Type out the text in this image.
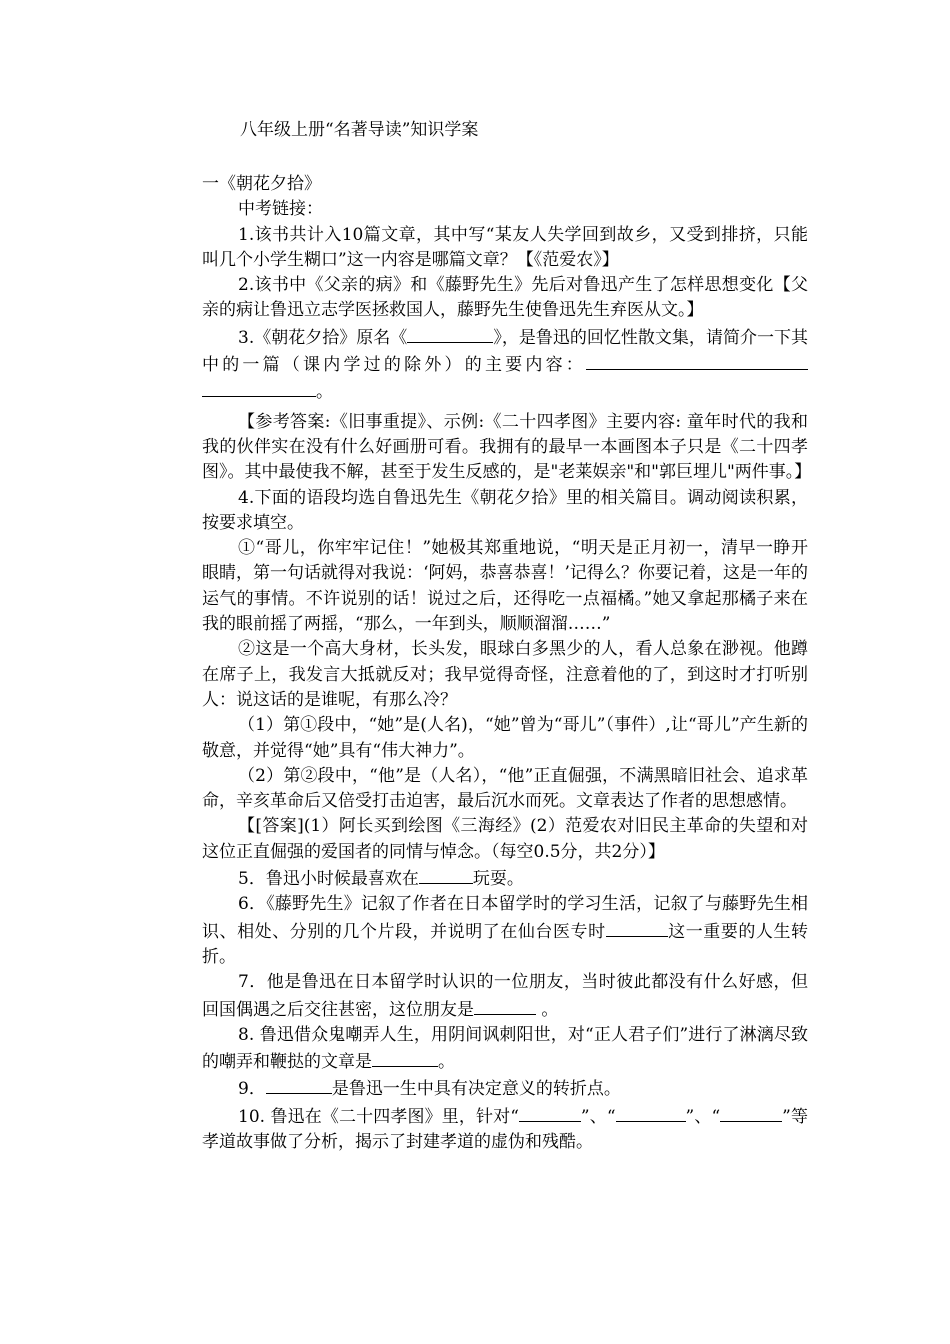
八年级上册“名著导读”知识学案

一《朝花夕拾》

中考链接：

1.该书共计入10篇文章，其中写“某友人失学回到故乡，又受到排挤，只能叫几个小学生糊口”这一内容是哪篇文章？【《范爱农》】

2.该书中《父亲的病》和《藤野先生》先后对鲁迅产生了怎样思想变化【父亲的病让鲁迅立志学医拯救国人，藤野先生使鲁迅先生弃医从文。】

3.《朝花夕拾》原名《	》，是鲁迅的回忆性散文集，请简介一下其中的一篇（课内学过的除外）的主要内容：。

【参考答案:《旧事重提》、示例:《二十四孝图》主要内容: 童年时代的我和我的伙伴实在没有什么好画册可看。我拥有的最早一本画图本子只是《二十四孝图》。其中最使我不解，甚至于发生反感的，是"老莱娱亲"和"郭巨埋儿"两件事。】

4.下面的语段均选自鲁迅先生《朝花夕拾》里的相关篇目。调动阅读积累，按要求填空。

①“哥儿，你牢牢记住！”她极其郑重地说，“明天是正月初一，清早一睁开眼睛，第一句话就得对我说：‘阿妈，恭喜恭喜！’记得么？你要记着，这是一年的运气的事情。不许说别的话！说过之后，还得吃一点福橘。”她又拿起那橘子来在我的眼前摇了两摇，“那么，一年到头，顺顺溜溜……”

②这是一个高大身材，长头发，眼球白多黑少的人，看人总象在渺视。他蹲在席子上，我发言大抵就反对；我早觉得奇怪，注意着他的了，到这时才打听别人：说这话的是谁呢，有那么冷？

（1）第①段中，“她”是(人名)，“她”曾为“哥儿”（事件）,让“哥儿”产生新的敬意，并觉得“她”具有“伟大神力”。

（2）第②段中，“他”是（人名），“他”正直倔强，不满黑暗旧社会、追求革命，辛亥革命后又倍受打击迫害，最后沉水而死。文章表达了作者的思想感情。

【[答案](1）阿长买到绘图《三海经》(2）范爱农对旧民主革命的失望和对这位正直倔强的爱国者的同情与悼念。（每空0.5分，共2分）】

5．鲁迅小时候最喜欢在	玩耍。

6．《藤野先生》记叙了作者在日本留学时的学习生活，记叙了与藤野先生相识、相处、分别的几个片段，并说明了在仙台医专时	这一重要的人生转折。

7．他是鲁迅在日本留学时认识的一位朋友，当时彼此都没有什么好感，但回国偶遇之后交往甚密，这位朋友是	。

8. 鲁迅借众鬼嘲弄人生，用阴间讽刺阳世，对“正人君子们”进行了淋漓尽致的嘲弄和鞭挞的文章是	。

9．	是鲁迅一生中具有决定意义的转折点。

10. 鲁迅在《二十四孝图》里，针对“	”、“	”、“	”等孝道故事做了分析，揭示了封建孝道的虚伪和残酷。
